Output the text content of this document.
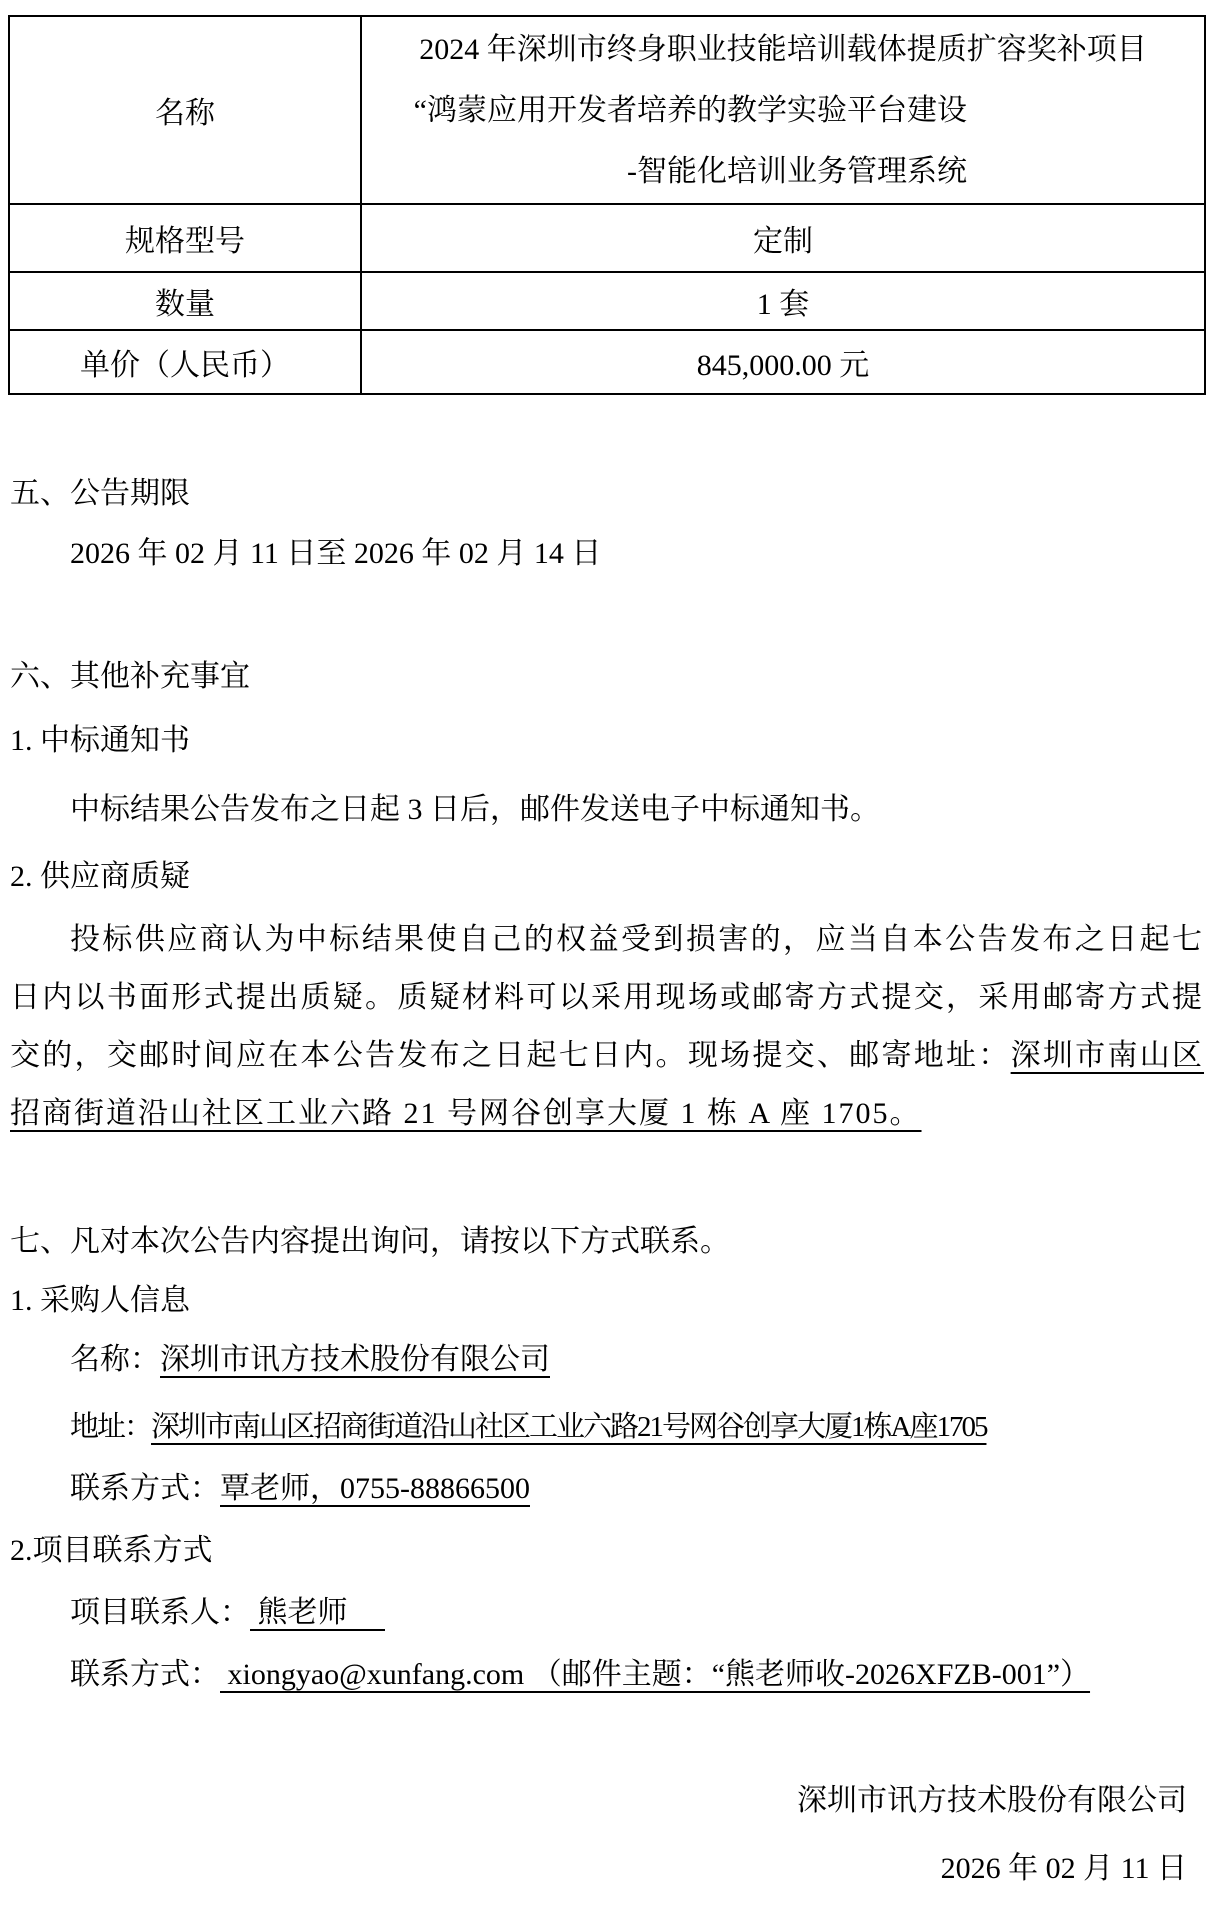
名称	2024 年深圳市终身职业技能培训载体提质扩容奖补项目
“鸿蒙应用开发者培养的教学实验平台建设
-智能化培训业务管理系统

规格型号	定制
数量	1 套
单价（人民币）	845,000.00 元
五、公告期限
2026 年 02 月 11 日至 2026 年 02 月 14 日
六、其他补充事宜
1. 中标通知书
中标结果公告发布之日起 3 日后，邮件发送电子中标通知书。
2. 供应商质疑

投标供应商认为中标结果使自己的权益受到损害的，应当自本公告发布之日起七日内以书面形式提出质疑。质疑材料可以采用现场或邮寄方式提交，采用邮寄方式提交的，交邮时间应在本公告发布之日起七日内。现场提交、邮寄地址：深圳市南山区招商街道沿山社区工业六路 21 号网谷创享大厦 1 栋 A 座 1705。

七、凡对本次公告内容提出询问，请按以下方式联系。
1. 采购人信息
名称：深圳市讯方技术股份有限公司
地址：深圳市南山区招商街道沿山社区工业六路21号网谷创享大厦1栋A座1705
联系方式：覃老师，0755-88866500
2.项目联系方式
项目联系人： 熊老师　
联系方式： xiongyao@xunfang.com （邮件主题：“熊老师收-2026XFZB-001”）
深圳市讯方技术股份有限公司
2026 年 02 月 11 日
